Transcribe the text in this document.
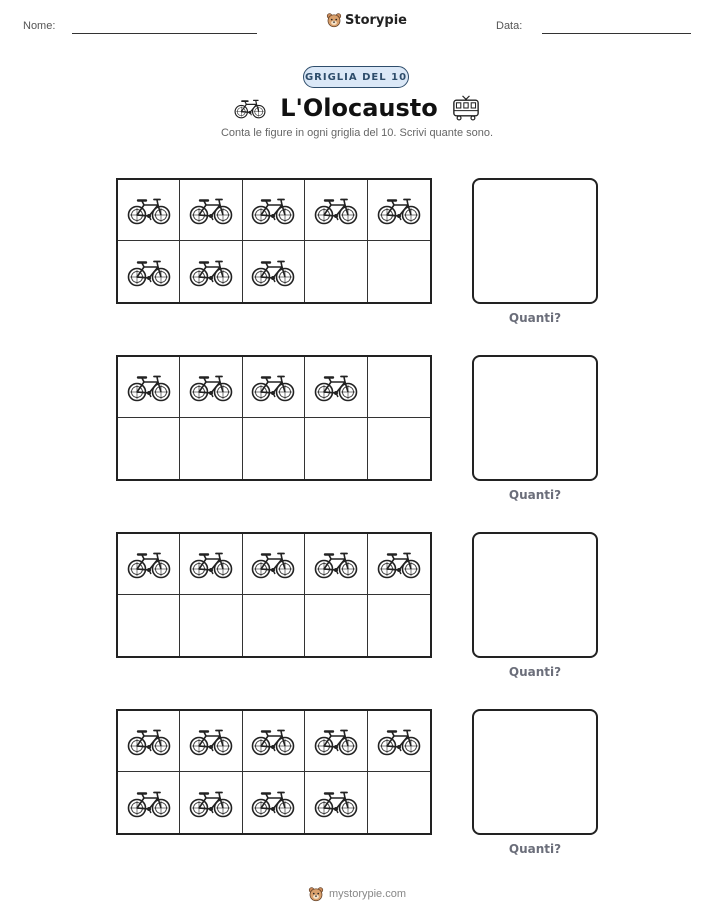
Nome:	Storypie	Data:
GRIGLIA DEL 10
L'Olocausto
Conta le figure in ogni griglia del 10. Scrivi quante sono.
Quanti?
Quanti?
Quanti?
Quanti?
mystorypie.com
